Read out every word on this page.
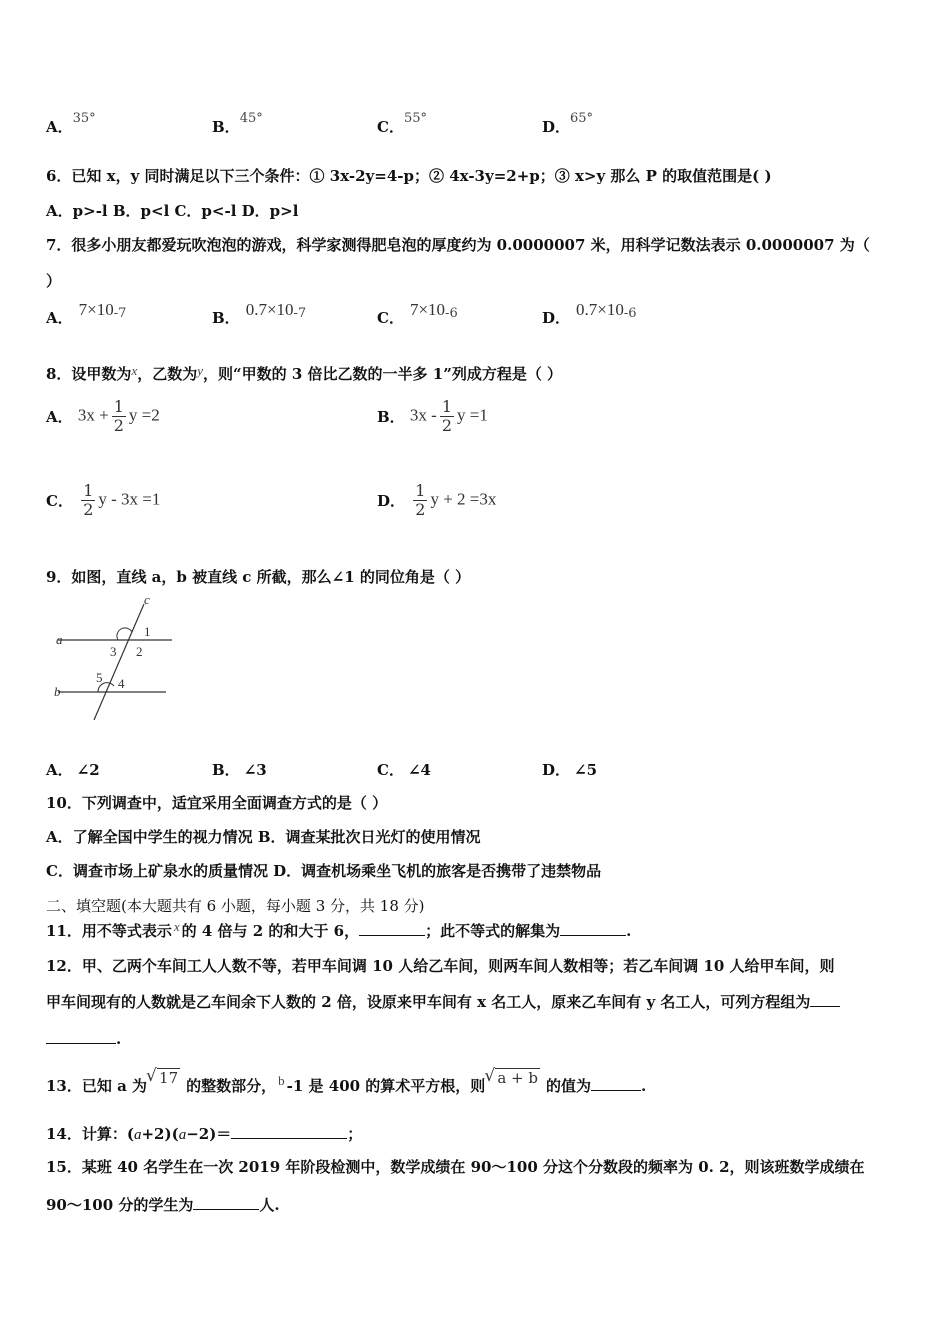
A．35°	B．45°	C．55°	D．65°
6．已知 x，y 同时满足以下三个条件：① 3x-2y=4-p；② 4x-3y=2+p；③ x>y 那么 P 的取值范围是( )
A．p>-l B．p<l C．p<-l D．p>l
7．很多小朋友都爱玩吹泡泡的游戏，科学家测得肥皂泡的厚度约为 0.0000007 米，用科学记数法表示 0.0000007 为（
）
A． $7\times 10^{-7}$	B． $0.7\times 10^{-7}$	C． $7\times 10^{-6}$	D． $0.7\times 10^{-6}$
8．设甲数为x，乙数为y，则“甲数的 3 倍比乙数的一半多 1”列成方程是（ ）
A． $3x + \frac{1}{2}$ y =2	B． $3x - \frac{1}{2}$ y =1
C． $\frac{1}{2}$ y - 3x =1	D． $\frac{1}{2}$ y + 2 =3x
9．如图，直线 a，b 被直线 c 所截，那么∠1 的同位角是（ ）
c
a
b
1
2
3
4
5
A． ∠2	B． ∠3	C． ∠4	D． ∠5
10．下列调查中，适宜采用全面调查方式的是（ ）
A．了解全国中学生的视力情况 B．调查某批次日光灯的使用情况
C．调查市场上矿泉水的质量情况 D．调查机场乘坐飞机的旅客是否携带了违禁物品
二、填空题(本大题共有 6 小题，每小题 3 分，共 18 分)
11．用不等式表示 x 的 4 倍与 2 的和大于 6，	；此不等式的解集为	.
12．甲、乙两个车间工人人数不等，若甲车间调 10 人给乙车间，则两车间人数相等；若乙车间调 10 人给甲车间，则
甲车间现有的人数就是乙车间余下人数的 2 倍，设原来甲车间有 x 名工人，原来乙车间有 y 名工人，可列方程组为
.
13．已知 a 为 √ 17 的整数部分， b -1 是 400 的算术平方根，则 √ a + b 的值为	.
14．计算：(a+2)(a−2)＝	；
15．某班 40 名学生在一次 2019 年阶段检测中，数学成绩在 90～100 分这个分数段的频率为 0. 2，则该班数学成绩在
90～100 分的学生为	人.
